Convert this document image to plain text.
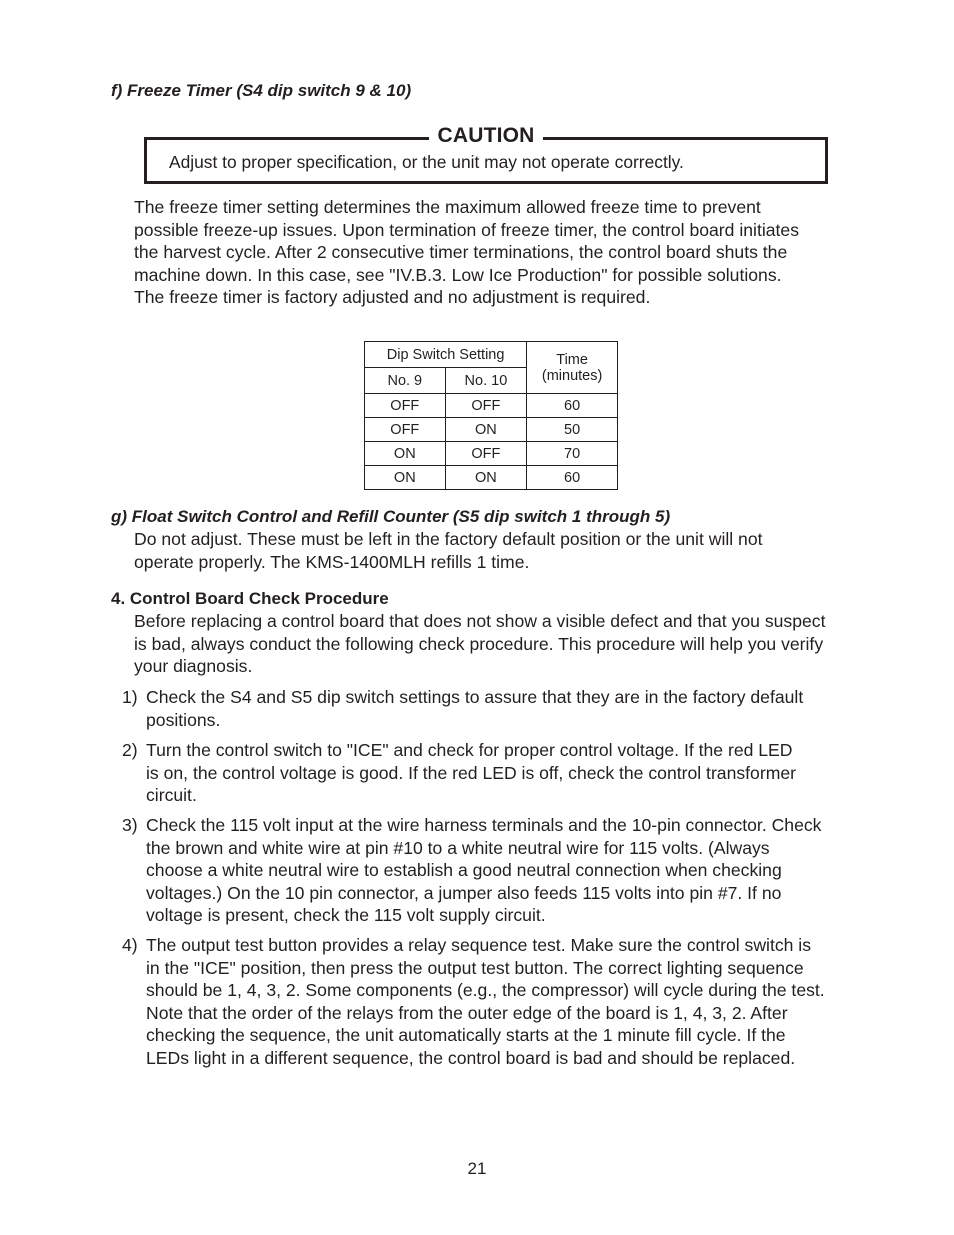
f) Freeze Timer (S4 dip switch 9 & 10)
CAUTION
Adjust to proper specification, or the unit may not operate correctly.
The freeze timer setting determines the maximum allowed freeze time to prevent
possible freeze-up issues. Upon termination of freeze timer, the control board initiates
the harvest cycle. After 2 consecutive timer terminations, the control board shuts the
machine down. In this case, see "IV.B.3. Low Ice Production" for possible solutions.
The freeze timer is factory adjusted and no adjustment is required.
Dip Switch Setting		Time
(minutes)

No. 9	No. 10	
OFF	OFF	60
OFF	ON	50
ON	OFF	70
ON	ON	60
g) Float Switch Control and Refill Counter (S5 dip switch 1 through 5)
Do not adjust. These must be left in the factory default position or the unit will not
operate properly. The KMS-1400MLH refills 1 time.
4. Control Board Check Procedure
Before replacing a control board that does not show a visible defect and that you suspect
is bad, always conduct the following check procedure. This procedure will help you verify
your diagnosis.
1) Check the S4 and S5 dip switch settings to assure that they are in the factory default
positions.
2) Turn the control switch to "ICE" and check for proper control voltage. If the red LED
is on, the control voltage is good. If the red LED is off, check the control transformer
circuit.
3) Check the 115 volt input at the wire harness terminals and the 10-pin connector. Check
the brown and white wire at pin #10 to a white neutral wire for 115 volts. (Always
choose a white neutral wire to establish a good neutral connection when checking
voltages.) On the 10 pin connector, a jumper also feeds 115 volts into pin #7. If no
voltage is present, check the 115 volt supply circuit.
4) The output test button provides a relay sequence test. Make sure the control switch is
in the "ICE" position, then press the output test button. The correct lighting sequence
should be 1, 4, 3, 2. Some components (e.g., the compressor) will cycle during the test.
Note that the order of the relays from the outer edge of the board is 1, 4, 3, 2. After
checking the sequence, the unit automatically starts at the 1 minute fill cycle. If the
LEDs light in a different sequence, the control board is bad and should be replaced.
21
